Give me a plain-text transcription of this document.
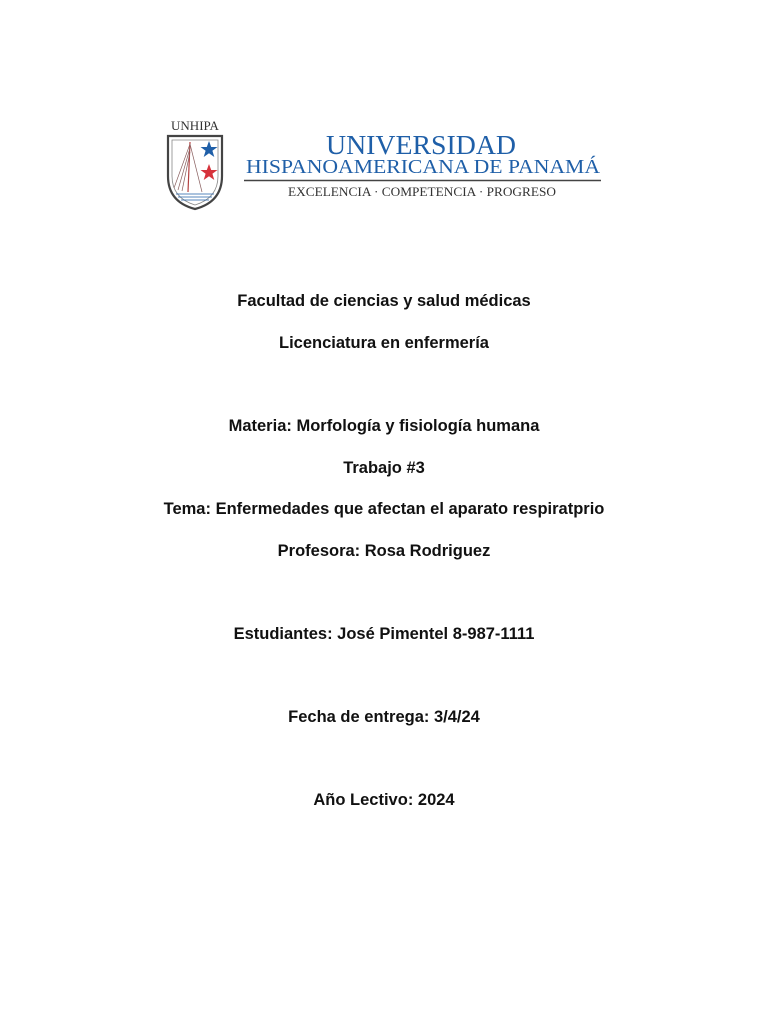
UNHIPA
UNIVERSIDAD
HISPANOAMERICANA DE PANAMÁ
EXCELENCIA · COMPETENCIA · PROGRESO
Facultad de ciencias y salud médicas
Licenciatura en enfermería
Materia: Morfología y fisiología humana
Trabajo #3
Tema: Enfermedades que afectan el aparato respiratprio
Profesora: Rosa Rodriguez
Estudiantes: José Pimentel 8-987-1111
Fecha de entrega: 3/4/24
Año Lectivo: 2024
